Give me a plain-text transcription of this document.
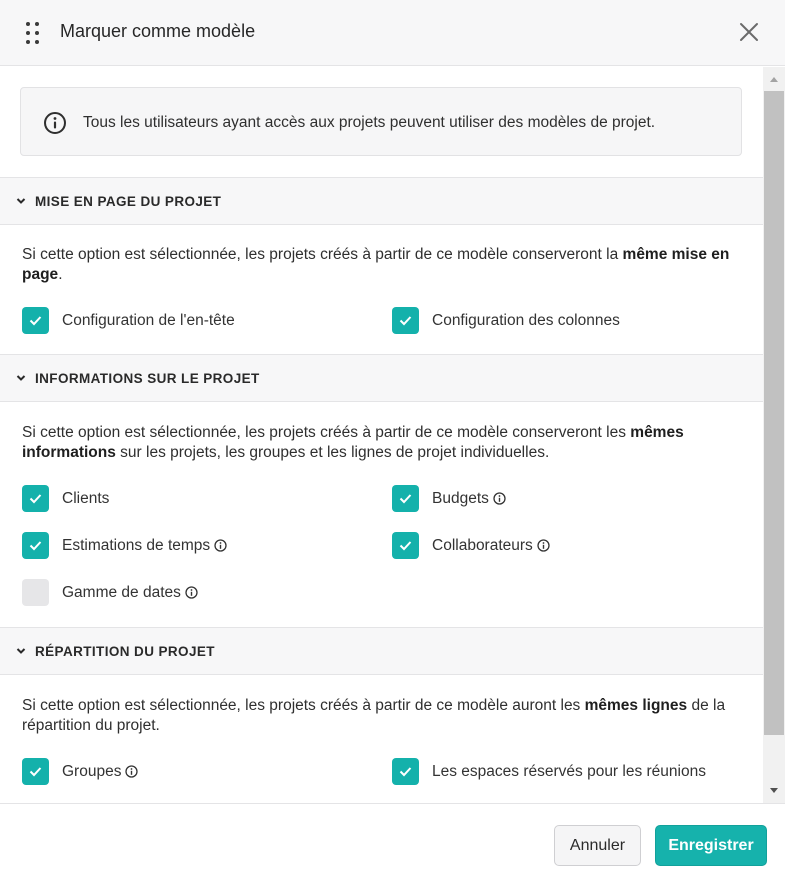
Marquer comme modèle
Tous les utilisateurs ayant accès aux projets peuvent utiliser des modèles de projet.
MISE EN PAGE DU PROJET
Si cette option est sélectionnée, les projets créés à partir de ce modèle conserveront la même mise en page.
Configuration de l'en-tête	Configuration des colonnes
INFORMATIONS SUR LE PROJET
Si cette option est sélectionnée, les projets créés à partir de ce modèle conserveront les mêmes informations sur les projets, les groupes et les lignes de projet individuelles.
Clients	Budgets
Estimations de temps	Collaborateurs
Gamme de dates
RÉPARTITION DU PROJET
Si cette option est sélectionnée, les projets créés à partir de ce modèle auront les mêmes lignes de la répartition du projet.
Groupes	Les espaces réservés pour les réunions
Annuler	Enregistrer
